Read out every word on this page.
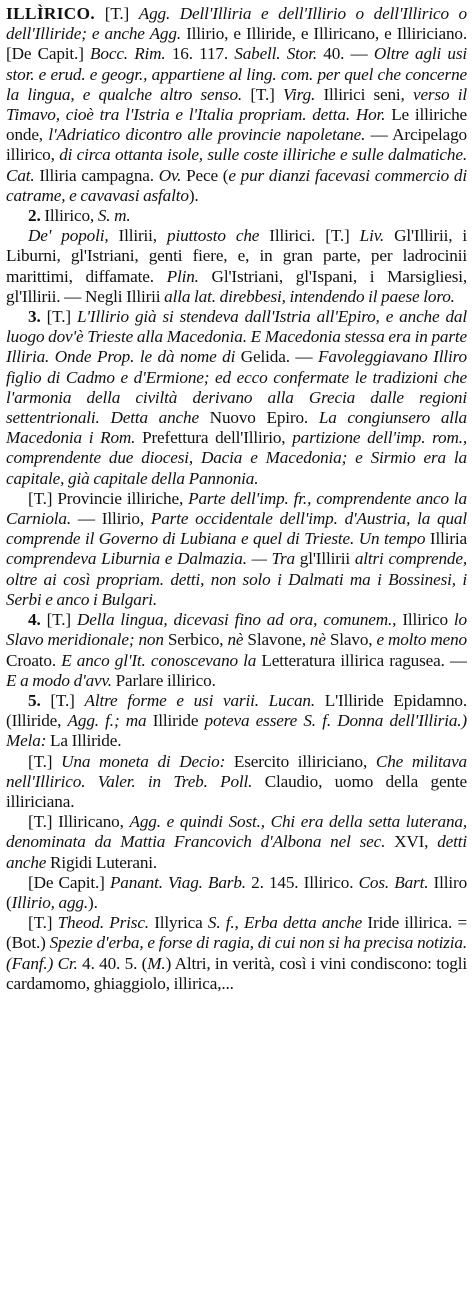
ILLÌRICO. [T.] Agg. Dell'Illiria e dell'Illirio o dell'Illirico o dell'Illiride; e anche Agg. Illirio, e Illiride, e Illiricano, e Illiriciano. [De Capit.] Bocc. Rim. 16. 117. Sabell. Stor. 40. — Oltre agli usi stor. e erud. e geogr., appartiene al ling. com. per quel che concerne la lingua, e qualche altro senso. [T.] Virg. Illirici seni, verso il Timavo, cioè tra l'Istria e l'Italia propriam. detta. Hor. Le illiriche onde, l'Adriatico dicontro alle provincie napoletane. — Arcipelago illirico, di circa ottanta isole, sulle coste illiriche e sulle dalmatiche. Cat. Illiria campagna. Ov. Pece (e pur dianzi facevasi commercio di catrame, e cavavasi asfalto).

2. Illirico, S. m.

De' popoli, Illirii, piuttosto che Illirici. [T.] Liv. Gl'Illirii, i Liburni, gl'Istriani, genti fiere, e, in gran parte, per ladrocinii marittimi, diffamate. Plin. Gl'Istriani, gl'Ispani, i Marsigliesi, gl'Illirii. — Negli Illirii alla lat. direbbesi, intendendo il paese loro.

3. [T.] L'Illirio già si stendeva dall'Istria all'Epiro, e anche dal luogo dov'è Trieste alla Macedonia. E Macedonia stessa era in parte Illiria. Onde Prop. le dà nome di Gelida. — Favoleggiavano Illiro figlio di Cadmo e d'Ermione; ed ecco confermate le tradizioni che l'armonia della civiltà derivano alla Grecia dalle regioni settentrionali. Detta anche Nuovo Epiro. La congiunsero alla Macedonia i Rom. Prefettura dell'Illirio, partizione dell'imp. rom., comprendente due diocesi, Dacia e Macedonia; e Sirmio era la capitale, già capitale della Pannonia.

[T.] Provincie illiriche, Parte dell'imp. fr., comprendente anco la Carniola. — Illirio, Parte occidentale dell'imp. d'Austria, la qual comprende il Governo di Lubiana e quel di Trieste. Un tempo Illiria comprendeva Liburnia e Dalmazia. — Tra gl'Illirii altri comprende, oltre ai così propriam. detti, non solo i Dalmati ma i Bossinesi, i Serbi e anco i Bulgari.

4. [T.] Della lingua, dicevasi fino ad ora, comunem., Illirico lo Slavo meridionale; non Serbico, nè Slavone, nè Slavo, e molto meno Croato. E anco gl'It. conoscevano la Letteratura illirica ragusea. — E a modo d'avv. Parlare illirico.

5. [T.] Altre forme e usi varii. Lucan. L'Illiride Epidamno. (Illiride, Agg. f.; ma Illiride poteva essere S. f. Donna dell'Illiria.) Mela: La Illiride.

[T.] Una moneta di Decio: Esercito illiriciano, Che militava nell'Illirico. Valer. in Treb. Poll. Claudio, uomo della gente illiriciana.

[T.] Illiricano, Agg. e quindi Sost., Chi era della setta luterana, denominata da Mattia Francovich d'Albona nel sec. XVI, detti anche Rigidi Luterani.

[De Capit.] Panant. Viag. Barb. 2. 145. Illirico. Cos. Bart. Illiro (Illirio, agg.).

[T.] Theod. Prisc. Illyrica S. f., Erba detta anche Iride illirica. = (Bot.) Spezie d'erba, e forse di ragia, di cui non si ha precisa notizia. (Fanf.) Cr. 4. 40. 5. (M.) Altri, in verità, così i vini condiscono: togli cardamomo, ghiaggiolo, illirica,...
